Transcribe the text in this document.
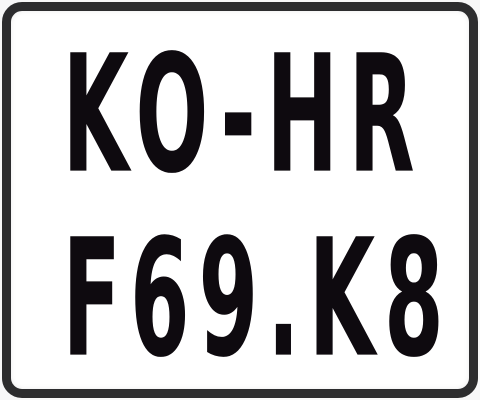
KO-HR
F69.K8
